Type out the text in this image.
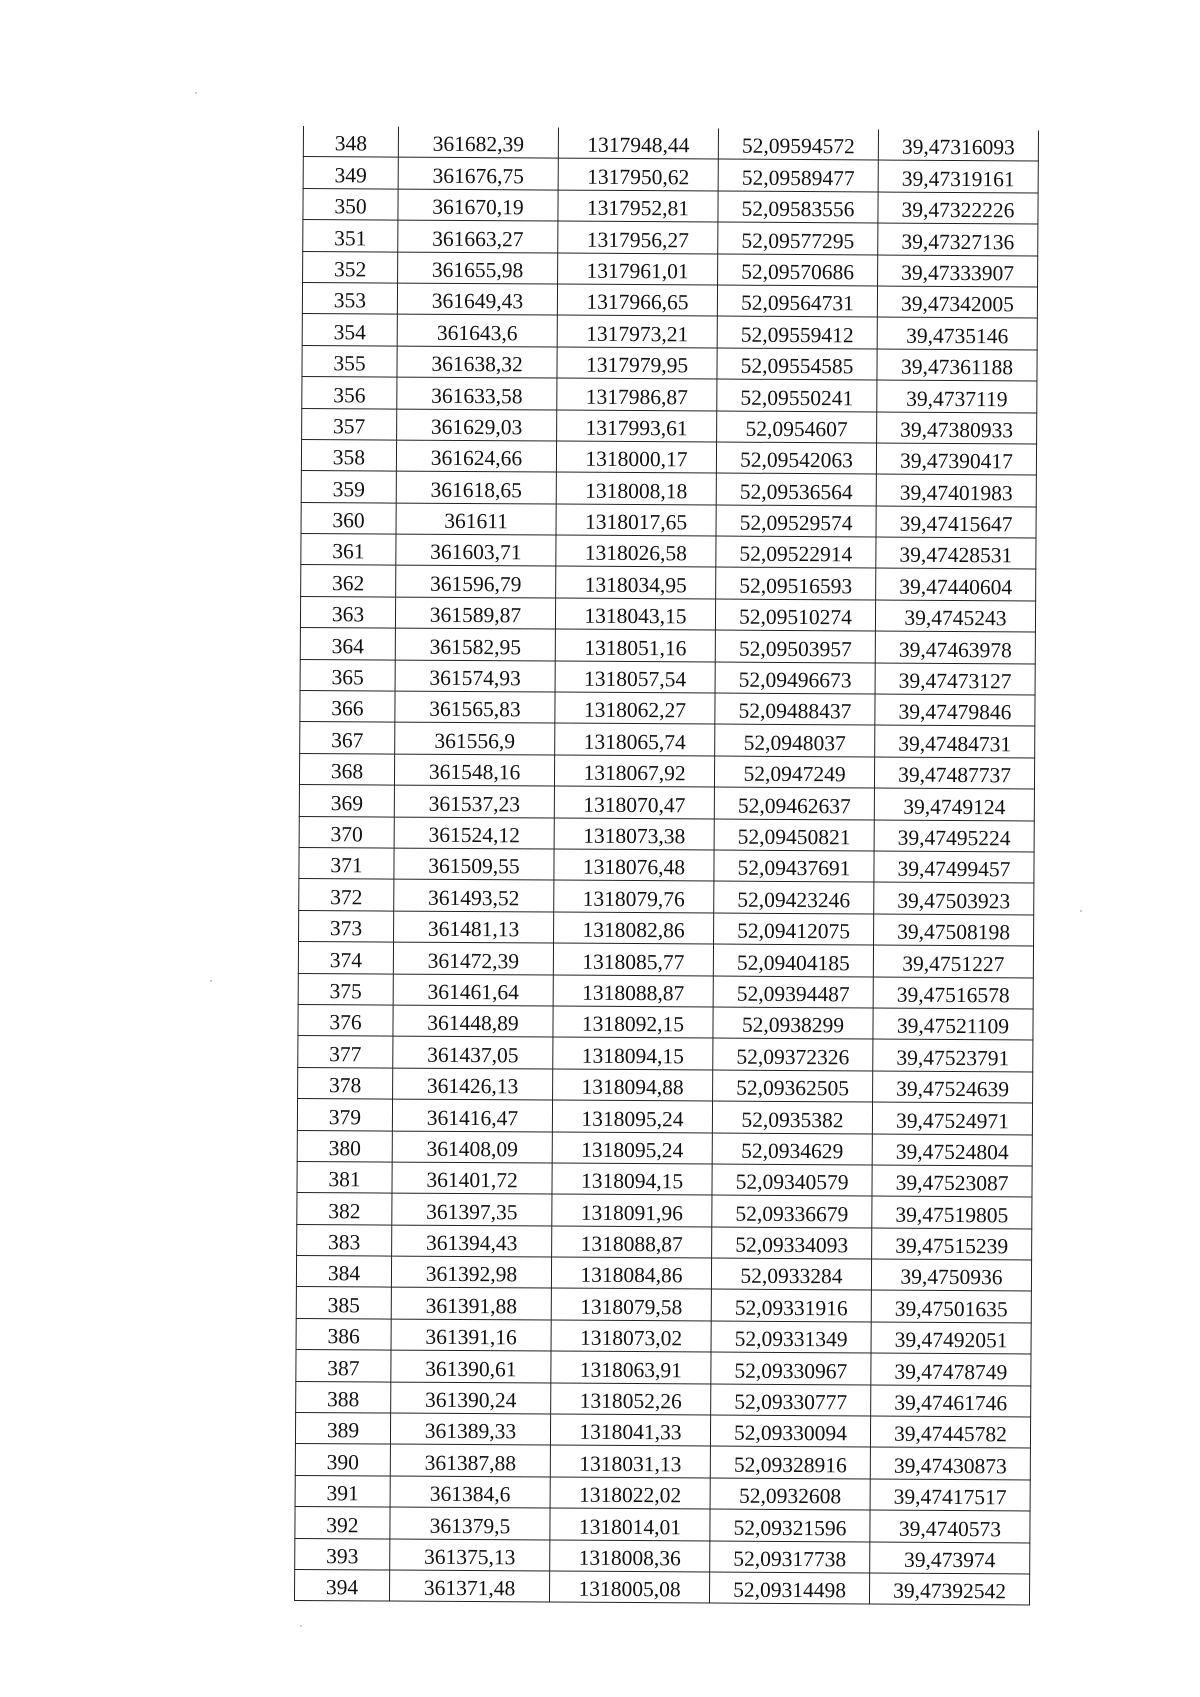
348	361682,39	1317948,44	52,09594572	39,47316093
349	361676,75	1317950,62	52,09589477	39,47319161
350	361670,19	1317952,81	52,09583556	39,47322226
351	361663,27	1317956,27	52,09577295	39,47327136
352	361655,98	1317961,01	52,09570686	39,47333907
353	361649,43	1317966,65	52,09564731	39,47342005
354	361643,6	1317973,21	52,09559412	39,4735146
355	361638,32	1317979,95	52,09554585	39,47361188
356	361633,58	1317986,87	52,09550241	39,4737119
357	361629,03	1317993,61	52,0954607	39,47380933
358	361624,66	1318000,17	52,09542063	39,47390417
359	361618,65	1318008,18	52,09536564	39,47401983
360	361611	1318017,65	52,09529574	39,47415647
361	361603,71	1318026,58	52,09522914	39,47428531
362	361596,79	1318034,95	52,09516593	39,47440604
363	361589,87	1318043,15	52,09510274	39,4745243
364	361582,95	1318051,16	52,09503957	39,47463978
365	361574,93	1318057,54	52,09496673	39,47473127
366	361565,83	1318062,27	52,09488437	39,47479846
367	361556,9	1318065,74	52,0948037	39,47484731
368	361548,16	1318067,92	52,0947249	39,47487737
369	361537,23	1318070,47	52,09462637	39,4749124
370	361524,12	1318073,38	52,09450821	39,47495224
371	361509,55	1318076,48	52,09437691	39,47499457
372	361493,52	1318079,76	52,09423246	39,47503923
373	361481,13	1318082,86	52,09412075	39,47508198
374	361472,39	1318085,77	52,09404185	39,4751227
375	361461,64	1318088,87	52,09394487	39,47516578
376	361448,89	1318092,15	52,0938299	39,47521109
377	361437,05	1318094,15	52,09372326	39,47523791
378	361426,13	1318094,88	52,09362505	39,47524639
379	361416,47	1318095,24	52,0935382	39,47524971
380	361408,09	1318095,24	52,0934629	39,47524804
381	361401,72	1318094,15	52,09340579	39,47523087
382	361397,35	1318091,96	52,09336679	39,47519805
383	361394,43	1318088,87	52,09334093	39,47515239
384	361392,98	1318084,86	52,0933284	39,4750936
385	361391,88	1318079,58	52,09331916	39,47501635
386	361391,16	1318073,02	52,09331349	39,47492051
387	361390,61	1318063,91	52,09330967	39,47478749
388	361390,24	1318052,26	52,09330777	39,47461746
389	361389,33	1318041,33	52,09330094	39,47445782
390	361387,88	1318031,13	52,09328916	39,47430873
391	361384,6	1318022,02	52,0932608	39,47417517
392	361379,5	1318014,01	52,09321596	39,4740573
393	361375,13	1318008,36	52,09317738	39,473974
394	361371,48	1318005,08	52,09314498	39,47392542
